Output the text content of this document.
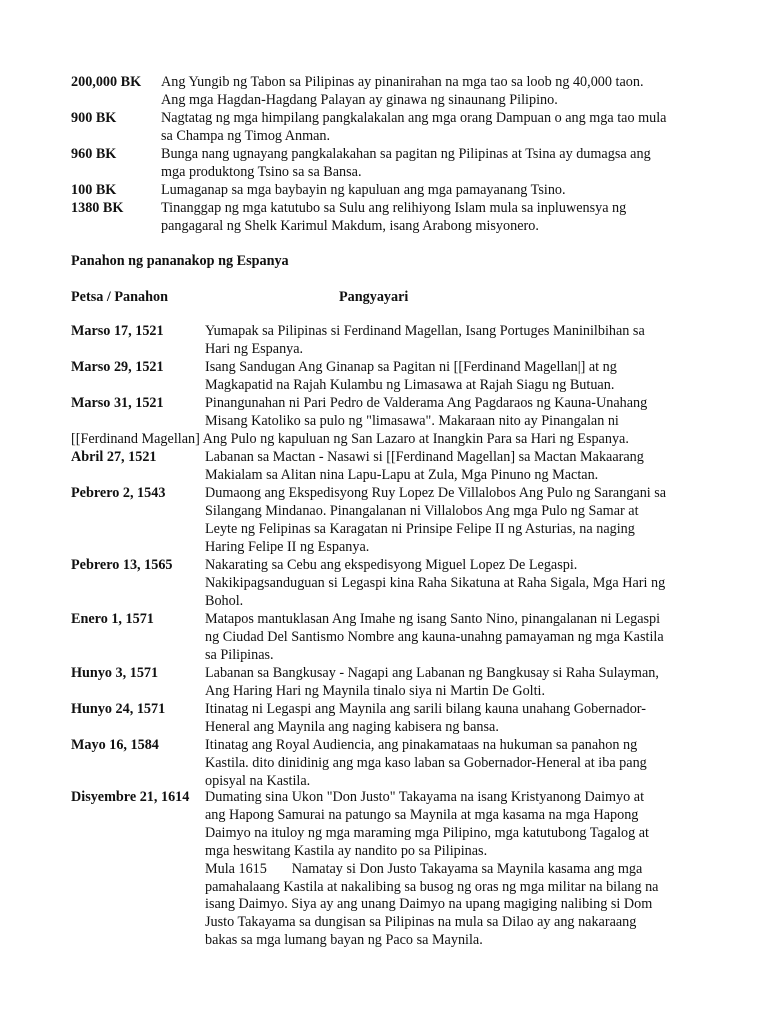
200,000 BK Ang Yungib ng Tabon sa Pilipinas ay pinanirahan na mga tao sa loob ng 40,000 taon.
Ang mga Hagdan-Hagdang Palayan ay ginawa ng sinaunang Pilipino.
900 BK	Nagtatag ng mga himpilang pangkalakalan ang mga orang Dampuan o ang mga tao mula
sa Champa ng Timog Anman.
960 BK	Bunga nang ugnayang pangkalakahan sa pagitan ng Pilipinas at Tsina ay dumagsa ang
mga produktong Tsino sa sa Bansa.
100 BK	Lumaganap sa mga baybayin ng kapuluan ang mga pamayanang Tsino.
1380 BK	Tinanggap ng mga katutubo sa Sulu ang relihiyong Islam mula sa inpluwensya ng
pangagaral ng Shelk Karimul Makdum, isang Arabong misyonero.
Panahon ng pananakop ng Espanya
Petsa / Panahon	Pangyayari
Marso 17, 1521	Yumapak sa Pilipinas si Ferdinand Magellan, Isang Portuges Maninilbihan sa
Hari ng Espanya.
Marso 29, 1521	Isang Sandugan Ang Ginanap sa Pagitan ni [[Ferdinand Magellan|] at ng
Magkapatid na Rajah Kulambu ng Limasawa at Rajah Siagu ng Butuan.
Marso 31, 1521	Pinangunahan ni Pari Pedro de Valderama Ang Pagdaraos ng Kauna-Unahang
Misang Katoliko sa pulo ng "limasawa". Makaraan nito ay Pinangalan ni
[[Ferdinand Magellan] Ang Pulo ng kapuluan ng San Lazaro at Inangkin Para sa Hari ng Espanya.
Abril 27, 1521	Labanan sa Mactan - Nasawi si [[Ferdinand Magellan] sa Mactan Makaarang
Makialam sa Alitan nina Lapu-Lapu at Zula, Mga Pinuno ng Mactan.
Pebrero 2, 1543	Dumaong ang Ekspedisyong Ruy Lopez De Villalobos Ang Pulo ng Sarangani sa
Silangang Mindanao. Pinangalanan ni Villalobos Ang mga Pulo ng Samar at
Leyte ng Felipinas sa Karagatan ni Prinsipe Felipe II ng Asturias, na naging
Haring Felipe II ng Espanya.
Pebrero 13, 1565 Nakarating sa Cebu ang ekspedisyong Miguel Lopez De Legaspi.
Nakikipagsanduguan si Legaspi kina Raha Sikatuna at Raha Sigala, Mga Hari ng
Bohol.
Enero 1, 1571	Matapos mantuklasan Ang Imahe ng isang Santo Nino, pinangalanan ni Legaspi
ng Ciudad Del Santismo Nombre ang kauna-unahng pamayaman ng mga Kastila
sa Pilipinas.
Hunyo 3, 1571	Labanan sa Bangkusay - Nagapi ang Labanan ng Bangkusay si Raha Sulayman,
Ang Haring Hari ng Maynila tinalo siya ni Martin De Golti.
Hunyo 24, 1571	Itinatag ni Legaspi ang Maynila ang sarili bilang kauna unahang Gobernador-
Heneral ang Maynila ang naging kabisera ng bansa.
Mayo 16, 1584	Itinatag ang Royal Audiencia, ang pinakamataas na hukuman sa panahon ng
Kastila. dito dinidinig ang mga kaso laban sa Gobernador-Heneral at iba pang
opisyal na Kastila.
Disyembre 21, 1614 Dumating sina Ukon "Don Justo" Takayama na isang Kristyanong Daimyo at
ang Hapong Samurai na patungo sa Maynila at mga kasama na mga Hapong
Daimyo na ituloy ng mga maraming mga Pilipino, mga katutubong Tagalog at
mga heswitang Kastila ay nandito po sa Pilipinas.
Mula 1615       Namatay si Don Justo Takayama sa Maynila kasama ang mga
pamahalaang Kastila at nakalibing sa busog ng oras ng mga militar na bilang na
isang Daimyo. Siya ay ang unang Daimyo na upang magiging nalibing si Dom
Justo Takayama sa dungisan sa Pilipinas na mula sa Dilao ay ang nakaraang
bakas sa mga lumang bayan ng Paco sa Maynila.
